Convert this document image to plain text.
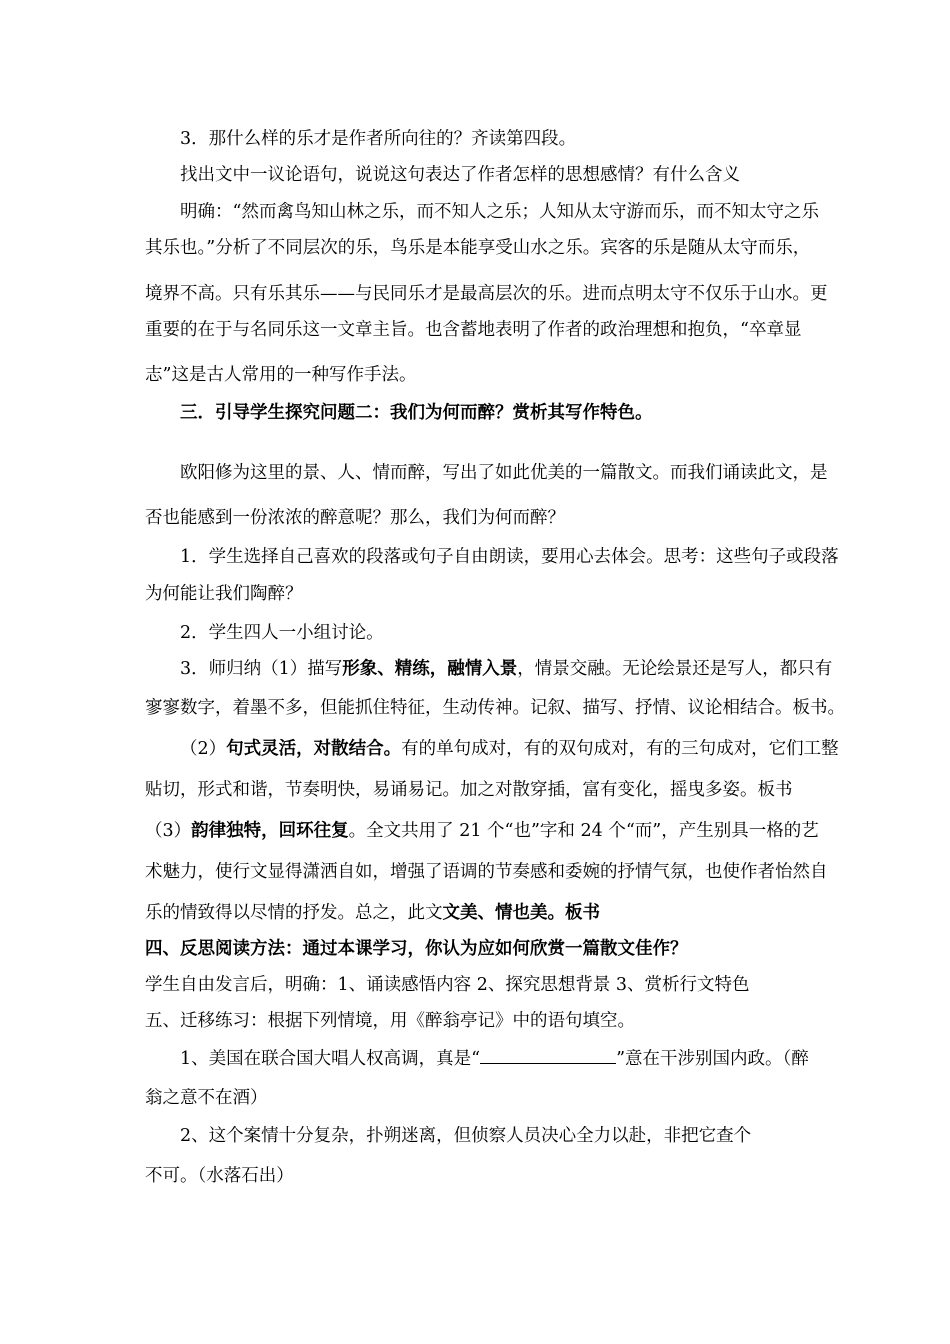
3．那什么样的乐才是作者所向往的？齐读第四段。
找出文中一议论语句，说说这句表达了作者怎样的思想感情？有什么含义
明确：“然而禽鸟知山林之乐，而不知人之乐；人知从太守游而乐，而不知太守之乐
其乐也。”分析了不同层次的乐，鸟乐是本能享受山水之乐。宾客的乐是随从太守而乐，
境界不高。只有乐其乐——与民同乐才是最高层次的乐。进而点明太守不仅乐于山水。更
重要的在于与名同乐这一文章主旨。也含蓄地表明了作者的政治理想和抱负，“卒章显
志”这是古人常用的一种写作手法。
三．引导学生探究问题二：我们为何而醉？赏析其写作特色。
欧阳修为这里的景、人、情而醉，写出了如此优美的一篇散文。而我们诵读此文，是
否也能感到一份浓浓的醉意呢？那么，我们为何而醉？
1．学生选择自己喜欢的段落或句子自由朗读，要用心去体会。思考：这些句子或段落
为何能让我们陶醉？
2．学生四人一小组讨论。
3．师归纳（1）描写形象、精练，融情入景，情景交融。无论绘景还是写人，都只有
寥寥数字，着墨不多，但能抓住特征，生动传神。记叙、描写、抒情、议论相结合。板书。
（2）句式灵活，对散结合。有的单句成对，有的双句成对，有的三句成对，它们工整
贴切，形式和谐，节奏明快，易诵易记。加之对散穿插，富有变化，摇曳多姿。板书
（3）韵律独特，回环往复。全文共用了 21 个“也”字和 24 个“而”，产生别具一格的艺
术魅力，使行文显得潇洒自如，增强了语调的节奏感和委婉的抒情气氛，也使作者怡然自
乐的情致得以尽情的抒发。总之，此文文美、情也美。板书
四、反思阅读方法：通过本课学习，你认为应如何欣赏一篇散文佳作？
学生自由发言后，明确：1、诵读感悟内容 2、探究思想背景 3、赏析行文特色
五、迁移练习：根据下列情境，用《醉翁亭记》中的语句填空。
1、美国在联合国大唱人权高调，真是“	”意在干涉别国内政。（醉
翁之意不在酒）
2、这个案情十分复杂，扑朔迷离，但侦察人员决心全力以赴，非把它查个
不可。（水落石出）
